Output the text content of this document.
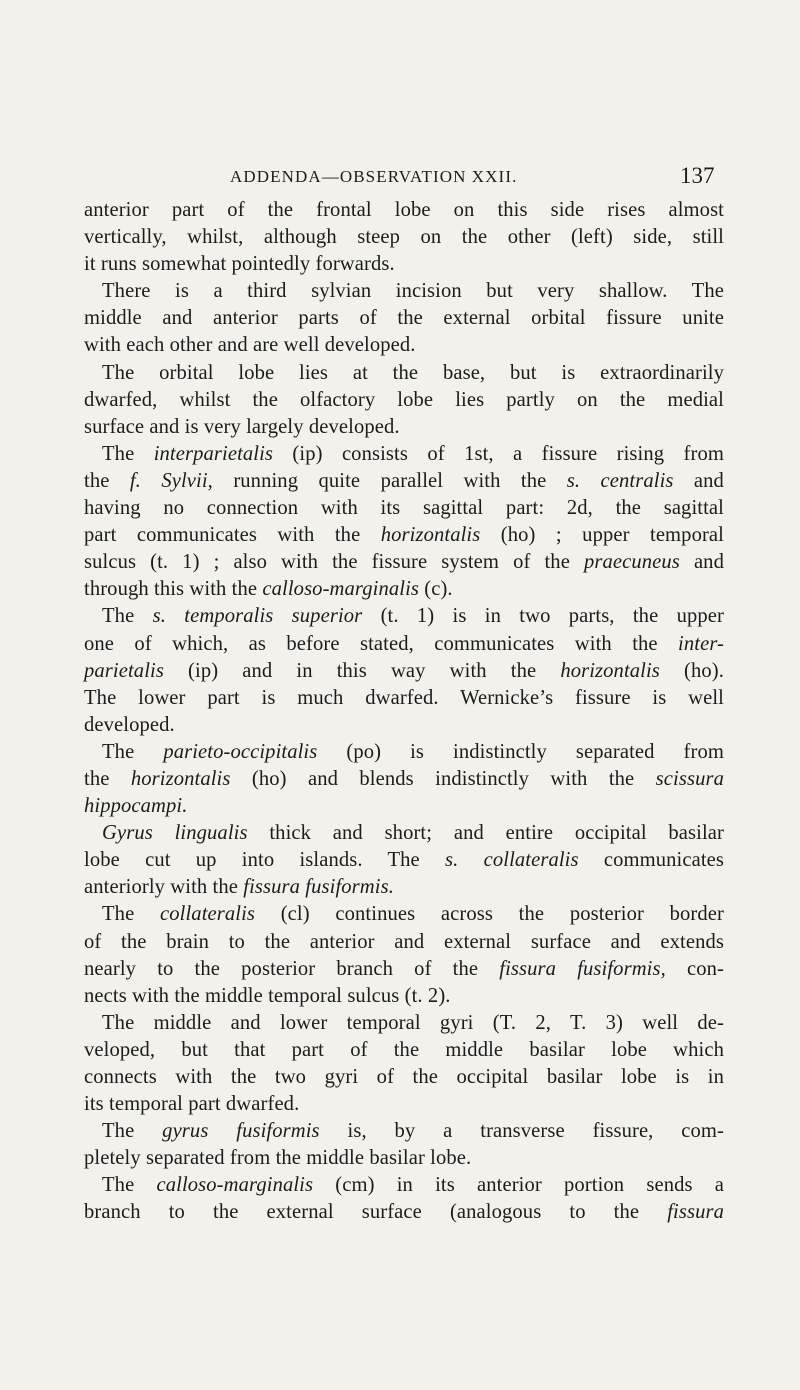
ADDENDA—OBSERVATION XXII.	137
anterior part of the frontal lobe on this side rises almost
vertically, whilst, although steep on the other (left) side, still
it runs somewhat pointedly forwards.
There is a third sylvian incision but very shallow. The
middle and anterior parts of the external orbital fissure unite
with each other and are well developed.
The orbital lobe lies at the base, but is extraordinarily
dwarfed, whilst the olfactory lobe lies partly on the medial
surface and is very largely developed.
The interparietalis (ip) consists of 1st, a fissure rising from
the f. Sylvii, running quite parallel with the s. centralis and
having no connection with its sagittal part: 2d, the sagittal
part communicates with the horizontalis (ho) ; upper temporal
sulcus (t. 1) ; also with the fissure system of the praecuneus and
through this with the calloso-marginalis (c).
The s. temporalis superior (t. 1) is in two parts, the upper
one of which, as before stated, communicates with the inter-
parietalis (ip) and in this way with the horizontalis (ho).
The lower part is much dwarfed. Wernicke’s fissure is well
developed.
The parieto-occipitalis (po) is indistinctly separated from
the horizontalis (ho) and blends indistinctly with the scissura
hippocampi.
Gyrus lingualis thick and short; and entire occipital basilar
lobe cut up into islands. The s. collateralis communicates
anteriorly with the fissura fusiformis.
The collateralis (cl) continues across the posterior border
of the brain to the anterior and external surface and extends
nearly to the posterior branch of the fissura fusiformis, con-
nects with the middle temporal sulcus (t. 2).
The middle and lower temporal gyri (T. 2, T. 3) well de-
veloped, but that part of the middle basilar lobe which
connects with the two gyri of the occipital basilar lobe is in
its temporal part dwarfed.
The gyrus fusiformis is, by a transverse fissure, com-
pletely separated from the middle basilar lobe.
The calloso-marginalis (cm) in its anterior portion sends a
branch to the external surface (analogous to the fissura
